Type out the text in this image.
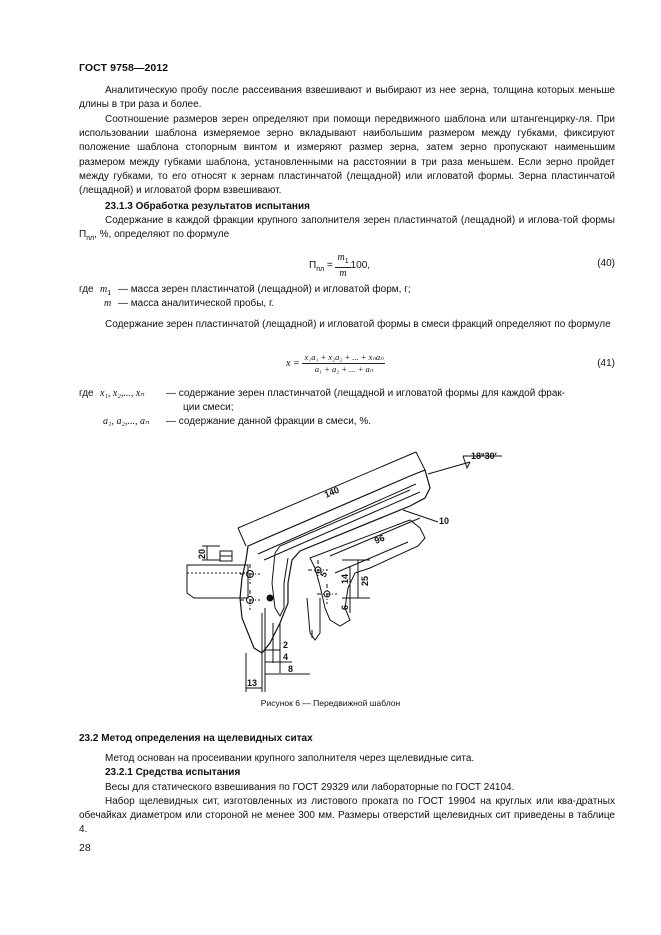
ГОСТ 9758—2012
Аналитическую пробу после рассеивания взвешивают и выбирают из нее зерна, толщина которых меньше длины в три раза и более.
Соотношение размеров зерен определяют при помощи передвижного шаблона или штангенцирку-ля. При использовании шаблона измеряемое зерно вкладывают наибольшим размером между губками, фиксируют положение шаблона стопорным винтом и измеряют размер зерна, затем зерно пропускают наименьшим размером между губками шаблона, установленными на расстоянии в три раза меньшем. Если зерно пройдет между губками, то его относят к зернам пластинчатой (лещадной) или игловатой формы. Зерна пластинчатой (лещадной) и игловатой форм взвешивают.
23.1.3 Обработка результатов испытания
Содержание в каждой фракции крупного заполнителя зерен пластинчатой (лещадной) и иглова-той формы $П_{пл}$, %, определяют по формуле
$П_{пл} = \frac{m_1}{m} 100$,	(40)
где $m_1$ — масса зерен пластинчатой (лещадной) и игловатой форм, г;
m — масса аналитической пробы, г.
Содержание зерен пластинчатой (лещадной) и игловатой формы в смеси фракций определяют по формуле
$x = \frac{\text{x₁a₁ + x₂a₂ + ... + xₙaₙ}}{\text{a₁ + a₂ + ... + aₙ}}$	(41)
где x₁, x₂,..., xₙ — содержание зерен пластинчатой (лещадной и игловатой формы для каждой фрак-
ции смеси;
a₁, a₂,..., aₙ — содержание данной фракции в смеси, %.
140
96
10
18°30′
20
25
14
6
5
2
4
8
13
Рисунок 6 — Передвижной шаблон
23.2 Метод определения на щелевидных ситах
Метод основан на просеивании крупного заполнителя через щелевидные сита.
23.2.1 Средства испытания
Весы для статического взвешивания по ГОСТ 29329 или лабораторные по ГОСТ 24104.
Набор щелевидных сит, изготовленных из листового проката по ГОСТ 19904 на круглых или ква-дратных обечайках диаметром или стороной не менее 300 мм. Размеры отверстий щелевидных сит приведены в таблице 4.
28
